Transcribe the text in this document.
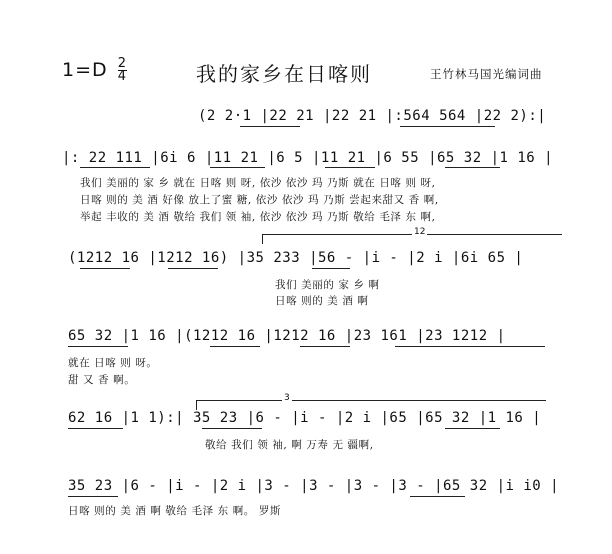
$1=D \frac{2}{4}$	我的家乡在日喀则	王竹林马国光编词曲
(2 2·1 |22 21 |22 21 |:564 564 |22 2):|
|: 22 111 |6i 6 |11 21 |6 5 |11 21 |6 55 |65 32 |1 16 |
我们 美丽的 家 乡 就在 日喀 则 呀, 依沙 依沙 玛 乃斯 就在 日喀 则 呀,
日喀 则的 美 酒 好像 放上了蜜 糖, 依沙 依沙 玛 乃斯 尝起来甜又 香 啊,
举起 丰收的 美 酒 敬给 我们 领 袖, 依沙 依沙 玛 乃斯 敬给 毛泽 东 啊,
12
(1212 16 |1212 16) |35 233 |56 - |i - |2 i |6i 65 |
我们 美丽的 家 乡 啊
日喀 则的 美 酒 啊
65 32 |1 16 |(1212 16 |1212 16 |23 161 |23 1212 |
就在 日喀 则 呀。
甜 又 香 啊。
3
62 16 |1 1):| 35 23 |6 - |i - |2 i |65 |65 32 |1 16 |
敬给 我们 领 袖, 啊 万寿 无 疆啊,
35 23 |6 - |i - |2 i |3 - |3 - |3 - |3 - |65 32 |i i0 |
日喀 则的 美 酒 啊 敬给 毛泽 东 啊。 罗斯
